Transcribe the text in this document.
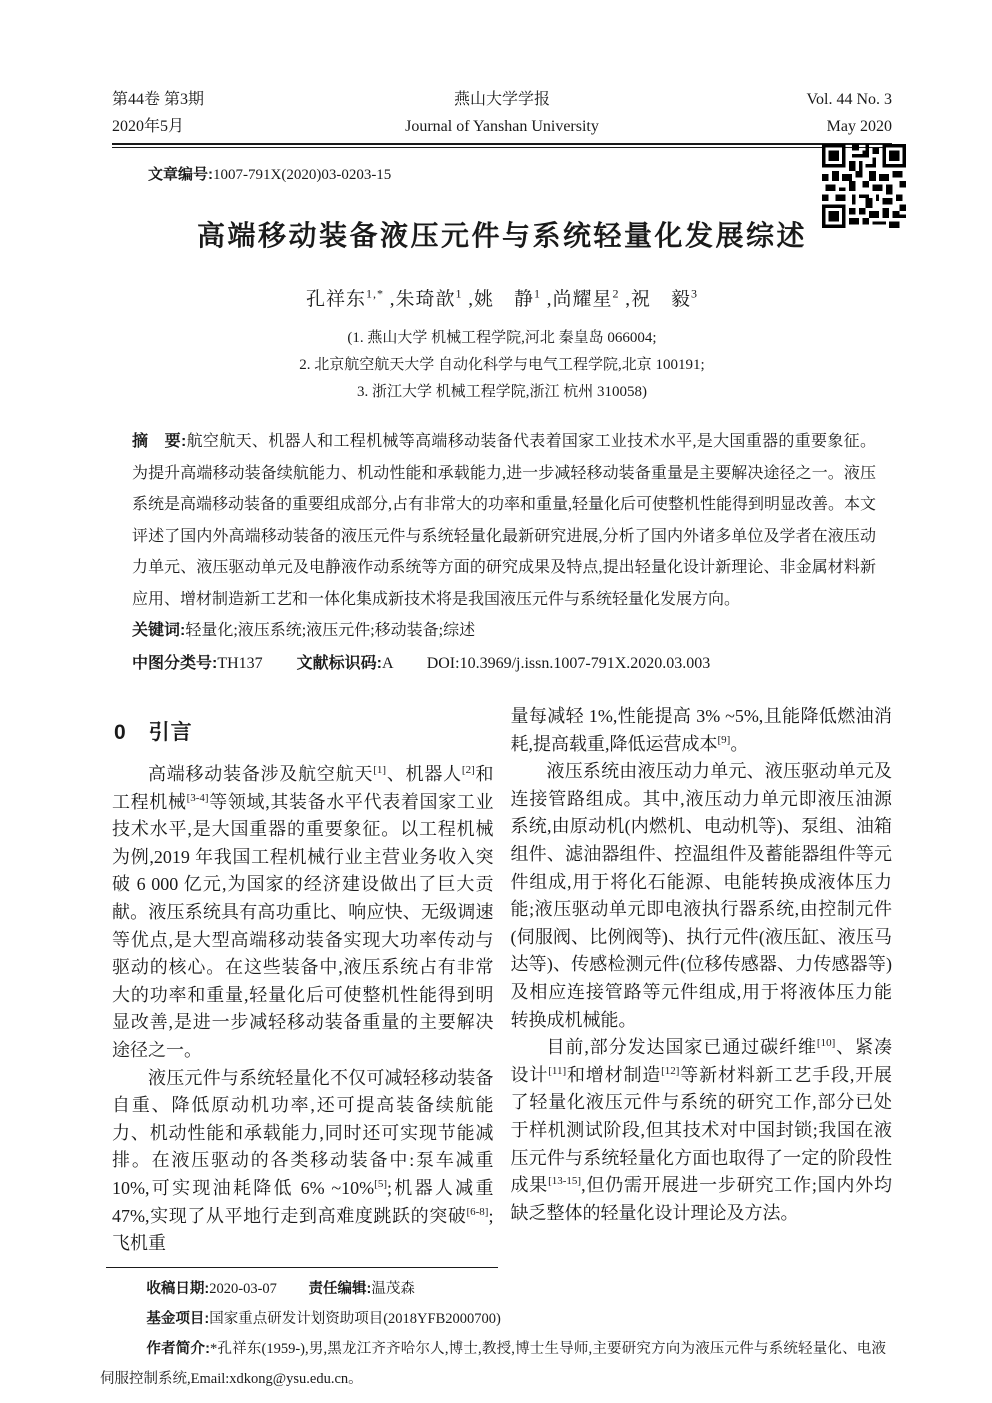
第44卷 第3期
2020年5月
燕山大学学报
Journal of Yanshan University
Vol. 44 No. 3
May 2020
文章编号:1007-791X(2020)03-0203-15
高端移动装备液压元件与系统轻量化发展综述
孔祥东$^{1,*}$ ,朱琦歆$^1$ ,姚　静$^1$ ,尚耀星$^2$ ,祝　毅$^3$
(1. 燕山大学 机械工程学院,河北 秦皇岛 066004;
2. 北京航空航天大学 自动化科学与电气工程学院,北京 100191;
3. 浙江大学 机械工程学院,浙江 杭州 310058)

摘　要:航空航天、机器人和工程机械等高端移动装备代表着国家工业技术水平,是大国重器的重要象征。为提升高端移动装备续航能力、机动性能和承载能力,进一步减轻移动装备重量是主要解决途径之一。液压系统是高端移动装备的重要组成部分,占有非常大的功率和重量,轻量化后可使整机性能得到明显改善。本文评述了国内外高端移动装备的液压元件与系统轻量化最新研究进展,分析了国内外诸多单位及学者在液压动力单元、液压驱动单元及电静液作动系统等方面的研究成果及特点,提出轻量化设计新理论、非金属材料新应用、增材制造新工艺和一体化集成新技术将是我国液压元件与系统轻量化发展方向。

关键词:轻量化;液压系统;液压元件;移动装备;综述

中图分类号:TH137 文献标识码:A DOI:10.3969/j.issn.1007-791X.2020.03.003

0　引言

高端移动装备涉及航空航天[1]、机器人[2]和工程机械[3-4]等领域,其装备水平代表着国家工业技术水平,是大国重器的重要象征。以工程机械为例,2019 年我国工程机械行业主营业务收入突破 6 000 亿元,为国家的经济建设做出了巨大贡献。液压系统具有高功重比、响应快、无级调速等优点,是大型高端移动装备实现大功率传动与驱动的核心。在这些装备中,液压系统占有非常大的功率和重量,轻量化后可使整机性能得到明显改善,是进一步减轻移动装备重量的主要解决途径之一。

液压元件与系统轻量化不仅可减轻移动装备自重、降低原动机功率,还可提高装备续航能力、机动性能和承载能力,同时还可实现节能减排。在液压驱动的各类移动装备中:泵车减重 10%,可实现油耗降低 6% ~10%[5];机器人减重 47%,实现了从平地行走到高难度跳跃的突破[6-8];飞机重

量每减轻 1%,性能提高 3% ~5%,且能降低燃油消耗,提高载重,降低运营成本[9]。

液压系统由液压动力单元、液压驱动单元及连接管路组成。其中,液压动力单元即液压油源系统,由原动机(内燃机、电动机等)、泵组、油箱组件、滤油器组件、控温组件及蓄能器组件等元件组成,用于将化石能源、电能转换成液体压力能;液压驱动单元即电液执行器系统,由控制元件(伺服阀、比例阀等)、执行元件(液压缸、液压马达等)、传感检测元件(位移传感器、力传感器等)及相应连接管路等元件组成,用于将液体压力能转换成机械能。

目前,部分发达国家已通过碳纤维[10]、紧凑设计[11]和增材制造[12]等新材料新工艺手段,开展了轻量化液压元件与系统的研究工作,部分已处于样机测试阶段,但其技术对中国封锁;我国在液压元件与系统轻量化方面也取得了一定的阶段性成果[13-15],但仍需开展进一步研究工作;国内外均缺乏整体的轻量化设计理论及方法。

收稿日期:2020-03-07 责任编辑:温茂森

基金项目:国家重点研发计划资助项目(2018YFB2000700)

作者简介:*孔祥东(1959-),男,黑龙江齐齐哈尔人,博士,教授,博士生导师,主要研究方向为液压元件与系统轻量化、电液伺服控制系统,Email:xdkong@ysu.edu.cn。
